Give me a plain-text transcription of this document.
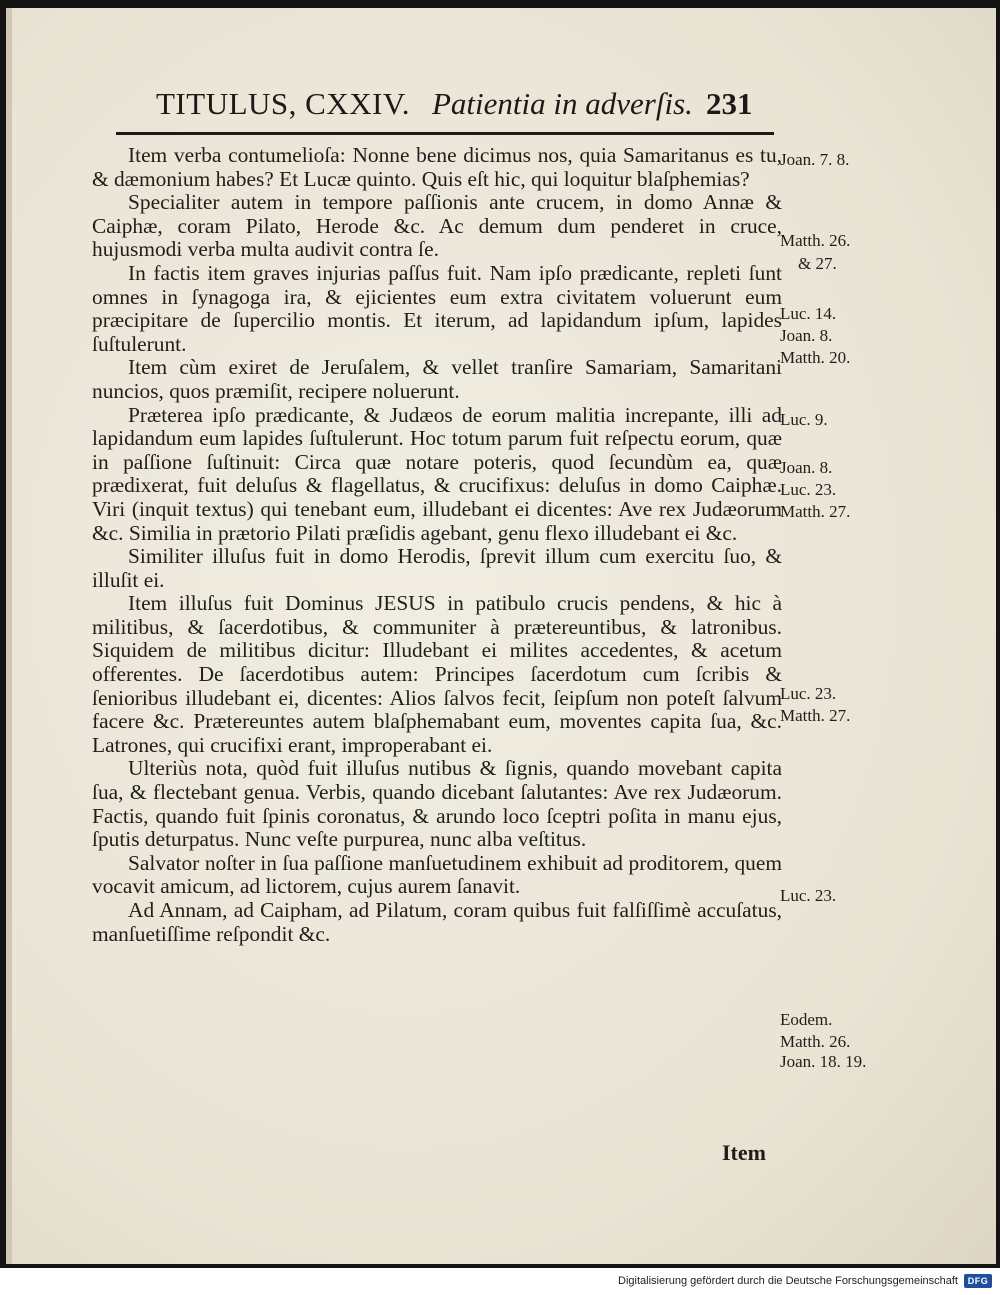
TITULUS, CXXIV. Patientia in adverſis. 231

Item verba contumelioſa: Nonne bene dicimus nos, quia Samaritanus es tu, & dæmonium habes? Et Lucæ quinto. Quis eſt hic, qui loquitur blaſphemias?

Specialiter autem in tempore paſſionis ante crucem, in domo Annæ & Caiphæ, coram Pilato, Herode &c. Ac demum dum penderet in cruce, hujusmodi verba multa audivit contra ſe.

In factis item graves injurias paſſus fuit. Nam ipſo prædicante, repleti ſunt omnes in ſynagoga ira, & ejicientes eum extra civitatem voluerunt eum præcipitare de ſupercilio montis. Et iterum, ad lapidandum ipſum, lapides ſuſtulerunt.

Item cùm exiret de Jeruſalem, & vellet tranſire Samariam, Samaritani nuncios, quos præmiſit, recipere noluerunt.

Præterea ipſo prædicante, & Judæos de eorum malitia increpante, illi ad lapidandum eum lapides ſuſtulerunt. Hoc totum parum fuit reſpectu eorum, quæ in paſſione ſuſtinuit: Circa quæ notare poteris, quod ſecundùm ea, quæ prædixerat, fuit deluſus & flagellatus, & crucifixus: deluſus in domo Caiphæ. Viri (inquit textus) qui tenebant eum, illudebant ei dicentes: Ave rex Judæorum &c. Similia in prætorio Pilati præſidis agebant, genu flexo illudebant ei &c.

Similiter illuſus fuit in domo Herodis, ſprevit illum cum exercitu ſuo, & illuſit ei.

Item illuſus fuit Dominus JESUS in patibulo crucis pendens, & hic à militibus, & ſacerdotibus, & communiter à prætereuntibus, & latronibus. Siquidem de militibus dicitur: Illudebant ei milites accedentes, & acetum offerentes. De ſacerdotibus autem: Principes ſacerdotum cum ſcribis & ſenioribus illudebant ei, dicentes: Alios ſalvos fecit, ſeipſum non poteſt ſalvum facere &c. Prætereuntes autem blaſphemabant eum, moventes capita ſua, &c. Latrones, qui crucifixi erant, improperabant ei.

Ulteriùs nota, quòd fuit illuſus nutibus & ſignis, quando movebant capita ſua, & flectebant genua. Verbis, quando dicebant ſalutantes: Ave rex Judæorum. Factis, quando fuit ſpinis coronatus, & arundo loco ſceptri poſita in manu ejus, ſputis deturpatus. Nunc veſte purpurea, nunc alba veſtitus.

Salvator noſter in ſua paſſione manſuetudinem exhibuit ad proditorem, quem vocavit amicum, ad lictorem, cujus aurem ſanavit.

Ad Annam, ad Caipham, ad Pilatum, coram quibus fuit falſiſſimè accuſatus, manſuetiſſime reſpondit &c.

Joan. 7. 8.
Matth. 26.
& 27.
Luc. 14.
Joan. 8.
Matth. 20.
Luc. 9.
Joan. 8.
Luc. 23.
Matth. 27.
Luc. 23.
Matth. 27.
Luc. 23.
Eodem.
Matth. 26.
Joan. 18. 19.
Item
Digitalisierung gefördert durch die Deutsche Forschungsgemeinschaft	DFG
